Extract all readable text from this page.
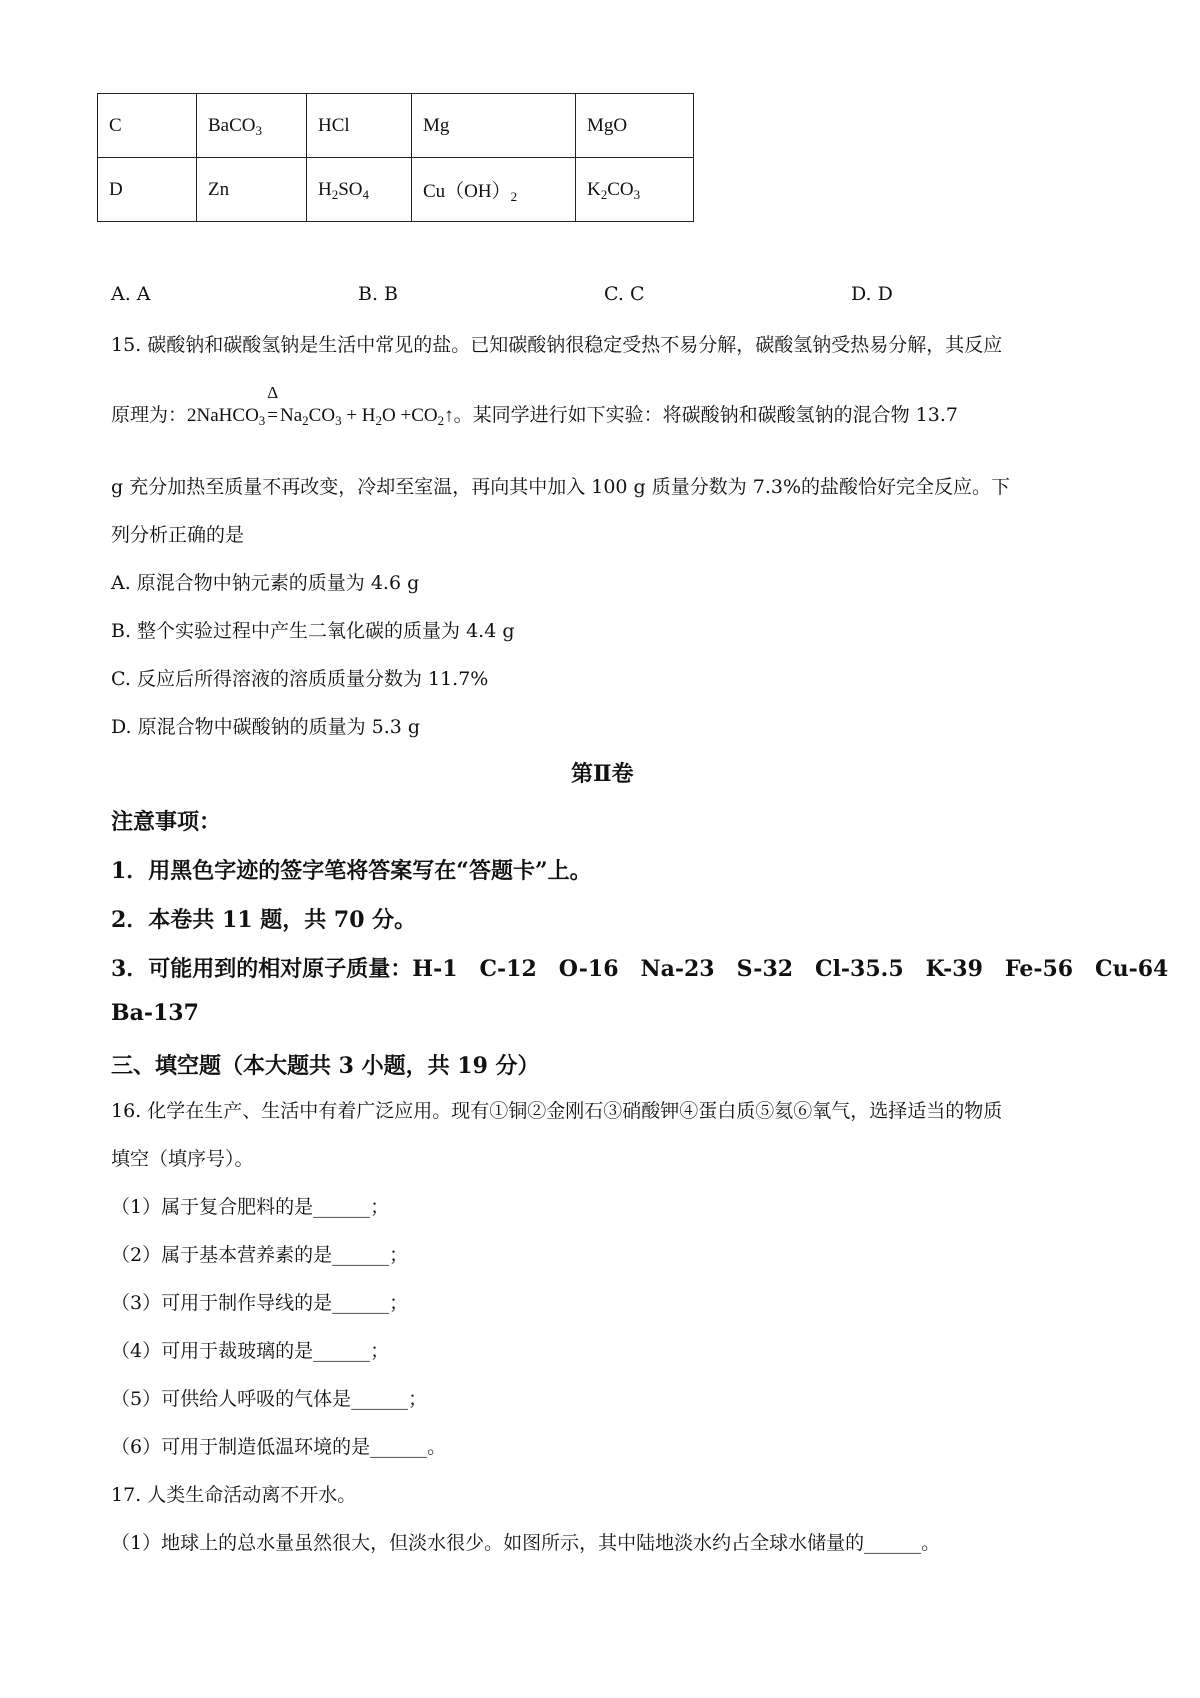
C	BaCO$_3$	HCl	Mg	MgO
D	Zn	$H_2SO_4$	$Cu(OH)_2$	$K_2CO_3$
A. A	B. B	C. C	D. D
15. 碳酸钠和碳酸氢钠是生活中常见的盐。已知碳酸钠很稳定受热不易分解，碳酸氢钠受热易分解，其反应
原理为：2NaHCO$_3$
Δ
= $Na_2CO_3 + H_2O$ $+CO_2↑$。某同学进行如下实验：将碳酸钠和碳酸氢钠的混合物 13.7
g 充分加热至质量不再改变，冷却至室温，再向其中加入 100 g 质量分数为 7.3%的盐酸恰好完全反应。下
列分析正确的是
A. 原混合物中钠元素的质量为 4.6 g
B. 整个实验过程中产生二氧化碳的质量为 4.4 g
C. 反应后所得溶液的溶质质量分数为 11.7%
D. 原混合物中碳酸钠的质量为 5.3 g
第Ⅱ卷
注意事项：
1．用黑色字迹的签字笔将答案写在“答题卡”上。
2．本卷共 11 题，共 70 分。
3．可能用到的相对原子质量：H-1　C-12　O-16　Na-23　S-32　Cl-35.5　K-39　Fe-56　Cu-64
Ba-137
三、填空题（本大题共 3 小题，共 19 分）
16. 化学在生产、生活中有着广泛应用。现有①铜②金刚石③硝酸钾④蛋白质⑤氦⑥氧气，选择适当的物质
填空（填序号）。
（1）属于复合肥料的是______；
（2）属于基本营养素的是______；
（3）可用于制作导线的是______；
（4）可用于裁玻璃的是______；
（5）可供给人呼吸的气体是______；
（6）可用于制造低温环境的是______。
17. 人类生命活动离不开水。
（1）地球上的总水量虽然很大，但淡水很少。如图所示，其中陆地淡水约占全球水储量的______。
